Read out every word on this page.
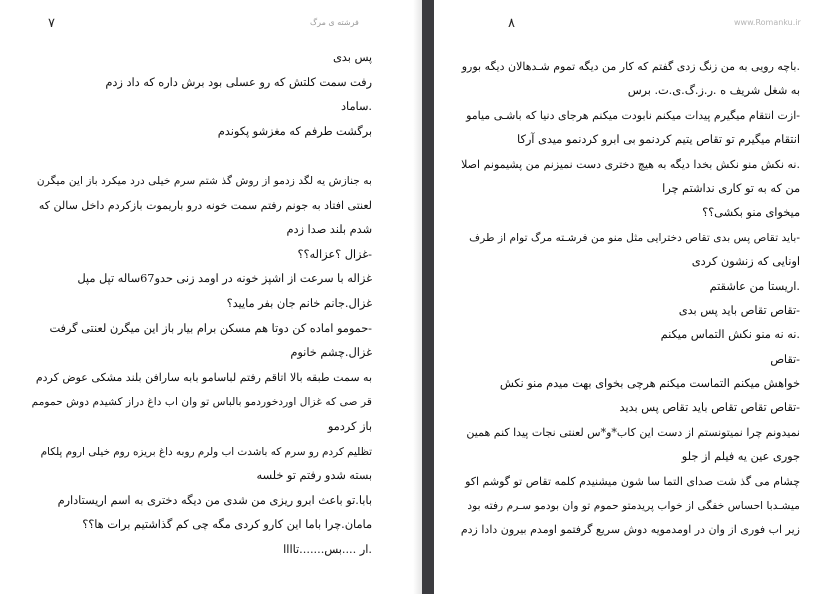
۷	فرشته ی مرگ
پس بدی
رفت سمت کلتش که رو عسلی بود برش داره که داد زدم
.ساماد
برگشت طرفم که مغزشو پکوندم
به جنازش یه لگد زدمو از روش گذ شتم سرم خیلی درد میکرد باز این میگرن
لعنتی افتاد به جونم رفتم سمت خونه درو باریموت بازکردم داخل سالن که
شدم بلند صدا زدم
-غزال ؟عزاله؟؟
غزاله با سرعت از اشپز خونه در اومد زنی حدو67ساله تپل مپل
غزال.جانم خانم جان بفر مایید؟
-حمومو اماده کن دوتا هم مسکن برام بیار باز این میگرن لعنتی گرفت
غزال.چشم خانوم
به سمت طبقه بالا اتاقم رفتم لباسامو بابه سارافن بلند مشکی عوض کردم
قر صی که غزال اوردخوردمو بالباس تو وان اب داغ دراز کشیدم دوش حمومم
باز کردمو
تظلیم کردم رو سرم که باشدت اب ولرم روبه داغ بریزه روم خیلی اروم پلکام
بسته شدو رفتم تو خلسه
بابا.تو باعث ابرو ریزی من شدی من دیگه دختری به اسم اریستادارم
مامان.چرا باما این کارو کردی مگه چی کم گذاشتیم برات ها؟؟
.ار ....بس.......تاااا
۸	www.Romanku.ir
.باچه رویی به من زنگ زدی گفتم که کار من دیگه تموم شـدهالان دیگه بورو
به شغل شریف ه .ر.ز.گ.ی.ت. برس
-ازت انتقام میگیرم پیدات میکنم نابودت میکنم هرجای دنیا که باشـی میامو
انتقام میگیرم تو تقاص یتیم کردنمو بی ابرو کردنمو میدی آرکا
.نه نکش منو نکش بخدا دیگه به هیچ دختری دست نمیزنم من پشیمونم اصلا
من که به تو کاری نداشتم چرا
میخوای منو بکشی؟؟
-باید تقاص پس بدی تقاص دخترایی مثل منو من فرشـته مرگ توام از طرف
اونایی که زنشون کردی
.اریستا من عاشقتم
-تقاص تقاص باید پس بدی
.نه نه منو نکش التماس میکنم
-تقاص
خواهش میکنم التماست میکنم هرچی بخوای بهت میدم منو نکش
-تقاص تقاص تقاص باید تقاص پس بدید
نمیدونم چرا نمیتونستم از دست این کاب*و*س لعنتی نجات پیدا کنم همین
جوری عین یه فیلم از جلو
چشام می گذ شت صدای التما سا شون میشنیدم کلمه تقاص تو گوشم اکو
میشـدبا احساس خفگی از خواب پریدمتو حموم تو وان بودمو سـرم رفته بود
زیر اب فوری از وان در اومدمویه دوش سریع گرفتمو اومدم بیرون دادا زدم
